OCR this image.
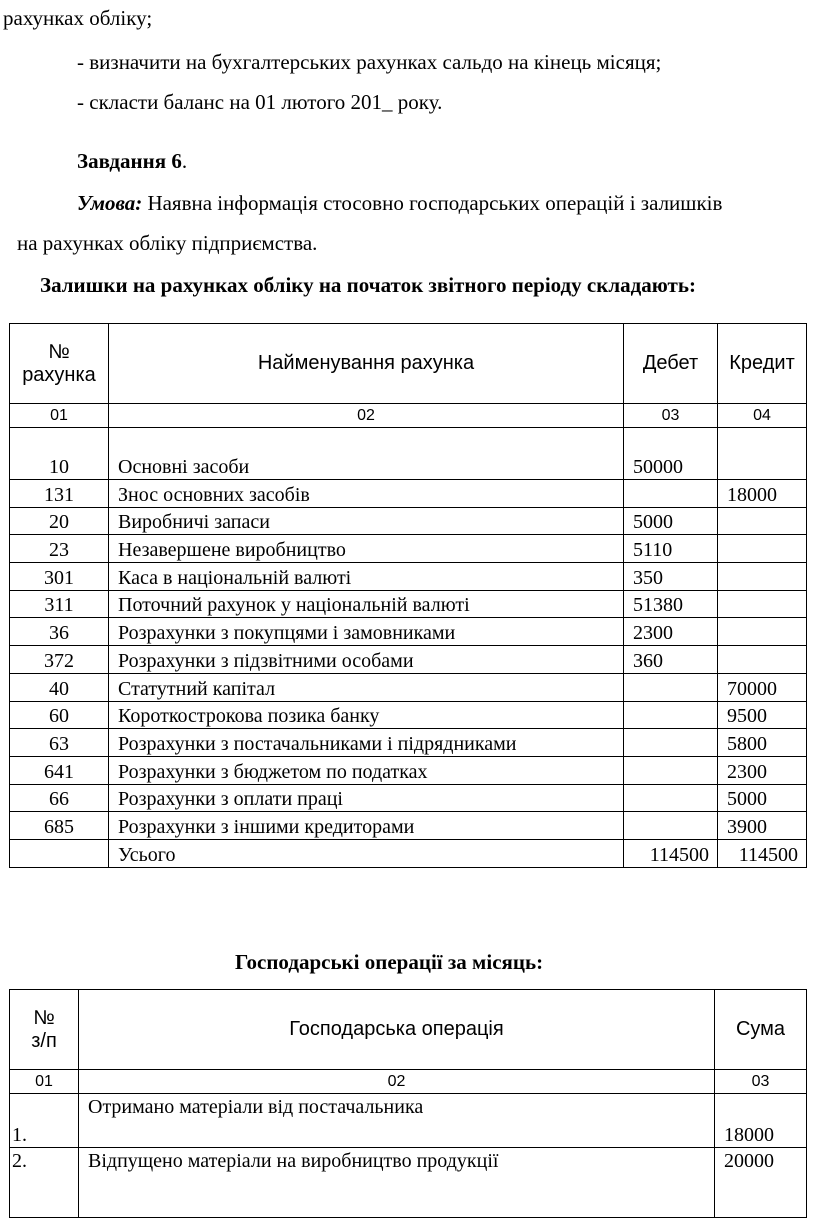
рахунках обліку;

- визначити на бухгалтерських рахунках сальдо на кінець місяця;

- скласти баланс на 01 лютого 201_ року.

Завдання 6.

Умова: Наявна інформація стосовно господарських операцій і залишків

на рахунках обліку підприємства.

Залишки на рахунках обліку на початок звітного періоду складають:

№
рахунка	Найменування рахунка	Дебет	Кредит
01	02	03	04
10	Основні засоби	50000	
131	Знос основних засобів		18000
20	Виробничі запаси	5000	
23	Незавершене виробництво	5110	
301	Каса в національній валюті	350	
311	Поточний рахунок у національній валюті	51380	
36	Розрахунки з покупцями і замовниками	2300	
372	Розрахунки з підзвітними особами	360	
40	Статутний капітал		70000
60	Короткострокова позика банку		9500
63	Розрахунки з постачальниками і підрядниками		5800
641	Розрахунки з бюджетом по податках		2300
66	Розрахунки з оплати праці		5000
685	Розрахунки з іншими кредиторами		3900
	Усього	114500	114500

Господарські операції за місяць:

№
з/п	Господарська операція	Сума
01	02	03
1.	Отримано матеріали від постачальника	18000
2.	Відпущено матеріали на виробництво продукції	20000
